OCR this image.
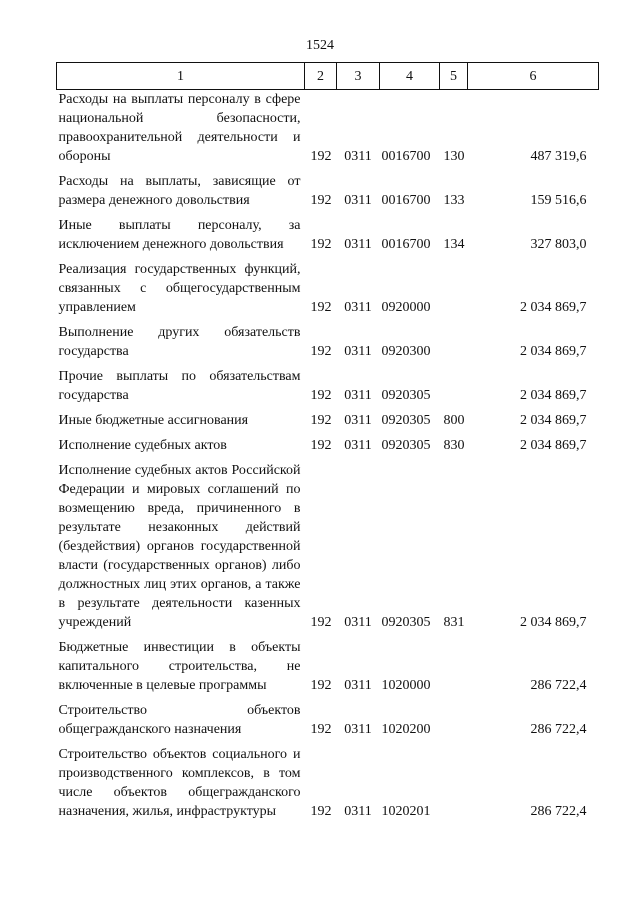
1524
1	2	3	4	5	6
Расходы на выплаты персоналу в сфере национальной безопасности, правоохранительной деятельности и обороны	192	0311	0016700	130	487 319,6

Расходы на выплаты, зависящие от размера денежного довольствия	192	0311	0016700	133	159 516,6

Иные выплаты персоналу, за исключением денежного довольствия	192	0311	0016700	134	327 803,0

Реализация государственных функций, связанных с общегосударственным управлением	192	0311	0920000		2 034 869,7

Выполнение других обязательств государства	192	0311	0920300		2 034 869,7

Прочие выплаты по обязательствам государства	192	0311	0920305		2 034 869,7

Иные бюджетные ассигнования	192	0311	0920305	800	2 034 869,7

Исполнение судебных актов	192	0311	0920305	830	2 034 869,7

Исполнение судебных актов Российской Федерации и мировых соглашений по возмещению вреда, причиненного в результате незаконных действий (бездействия) органов государственной власти (государственных органов) либо должностных лиц этих органов, а также в результате деятельности казенных учреждений	192	0311	0920305	831	2 034 869,7

Бюджетные инвестиции в объекты капитального строительства, не включенные в целевые программы	192	0311	1020000		286 722,4

Строительство объектов общегражданского назначения	192	0311	1020200		286 722,4

Строительство объектов социального и производственного комплексов, в том числе объектов общегражданского назначения, жилья, инфраструктуры	192	0311	1020201		286 722,4
